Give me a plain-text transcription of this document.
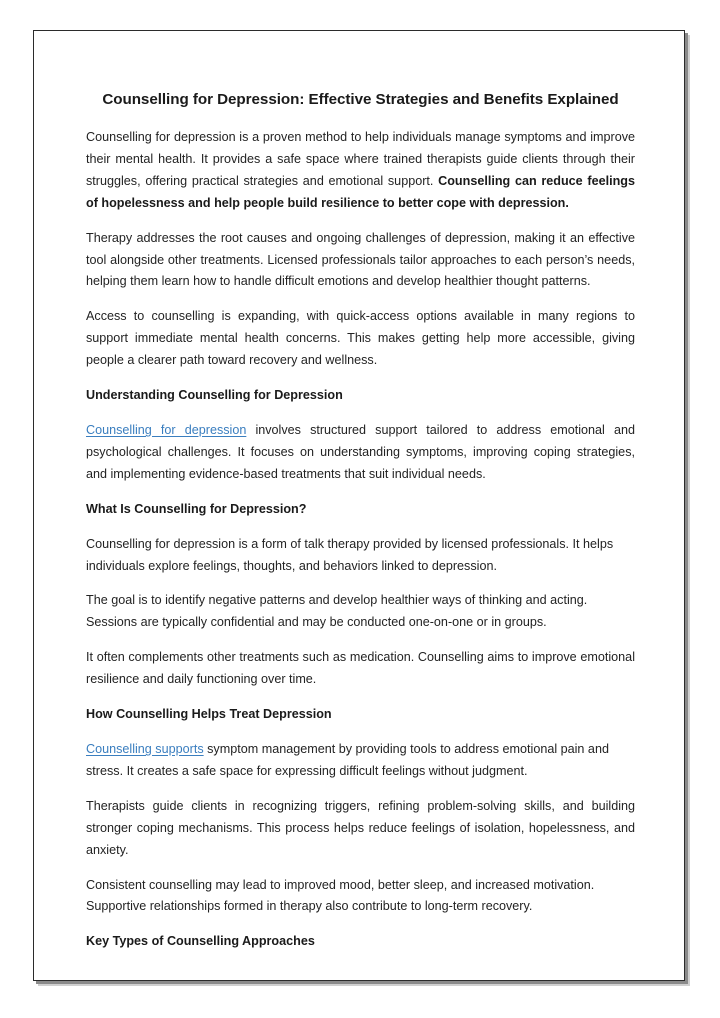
Counselling for Depression: Effective Strategies and Benefits Explained

Counselling for depression is a proven method to help individuals manage symptoms and improve their mental health. It provides a safe space where trained therapists guide clients through their struggles, offering practical strategies and emotional support. Counselling can reduce feelings of hopelessness and help people build resilience to better cope with depression.

Therapy addresses the root causes and ongoing challenges of depression, making it an effective tool alongside other treatments. Licensed professionals tailor approaches to each person’s needs, helping them learn how to handle difficult emotions and develop healthier thought patterns.

Access to counselling is expanding, with quick-access options available in many regions to support immediate mental health concerns. This makes getting help more accessible, giving people a clearer path toward recovery and wellness.

Understanding Counselling for Depression

Counselling for depression involves structured support tailored to address emotional and psychological challenges. It focuses on understanding symptoms, improving coping strategies, and implementing evidence-based treatments that suit individual needs.

What Is Counselling for Depression?

Counselling for depression is a form of talk therapy provided by licensed professionals. It helps individuals explore feelings, thoughts, and behaviors linked to depression.

The goal is to identify negative patterns and develop healthier ways of thinking and acting. Sessions are typically confidential and may be conducted one-on-one or in groups.

It often complements other treatments such as medication. Counselling aims to improve emotional resilience and daily functioning over time.

How Counselling Helps Treat Depression

Counselling supports symptom management by providing tools to address emotional pain and stress. It creates a safe space for expressing difficult feelings without judgment.

Therapists guide clients in recognizing triggers, refining problem-solving skills, and building stronger coping mechanisms. This process helps reduce feelings of isolation, hopelessness, and anxiety.

Consistent counselling may lead to improved mood, better sleep, and increased motivation. Supportive relationships formed in therapy also contribute to long-term recovery.

Key Types of Counselling Approaches
